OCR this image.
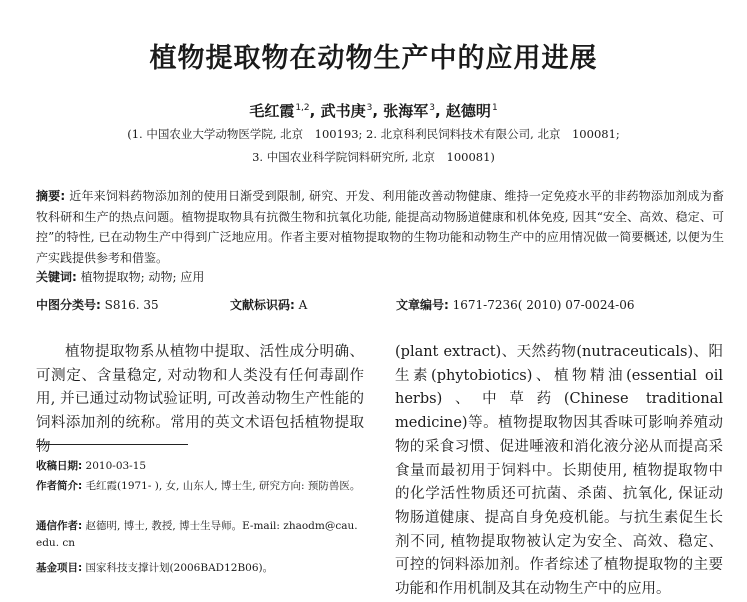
植物提取物在动物生产中的应用进展
毛红霞$^{1,2}$, 武书庚$^3$, 张海军$^3$, 赵德明$^1$
(1. 中国农业大学动物医学院, 北京　100193; 2. 北京科利民饲料技术有限公司, 北京　100081;
3. 中国农业科学院饲料研究所, 北京　100081)
摘要: 近年来饲料药物添加剂的使用日渐受到限制, 研究、开发、利用能改善动物健康、维持一定免疫水平的非药物添加剂成为畜牧科研和生产的热点问题。植物提取物具有抗微生物和抗氧化功能, 能提高动物肠道健康和机体免疫, 因其“安全、高效、稳定、可控”的特性, 已在动物生产中得到广泛地应用。作者主要对植物提取物的生物功能和动物生产中的应用情况做一简要概述, 以便为生产实践提供参考和借鉴。
关键词: 植物提取物; 动物; 应用
中图分类号: S816. 35	文献标识码: A	文章编号: 1671-7236( 2010) 07-0024-06
植物提取物系从植物中提取、活性成分明确、可测定、含量稳定, 对动物和人类没有任何毒副作用, 并已通过动物试验证明, 可改善动物生产性能的饲料添加剂的统称。常用的英文术语包括植物提取物
(plant extract)、天然药物(nutraceuticals)、阳生素(phytobiotics)、植物精油(essential oil herbs)、中草药(Chinese traditional medicine)等。植物提取物因其香味可影响养殖动物的采食习惯、促进唾液和消化液分泌从而提高采食量而最初用于饲料中。长期使用, 植物提取物中的化学活性物质还可抗菌、杀菌、抗氧化, 保证动物肠道健康、提高自身免疫机能。与抗生素促生长剂不同, 植物提取物被认定为安全、高效、稳定、可控的饲料添加剂。作者综述了植物提取物的主要功能和作用机制及其在动物生产中的应用。
收稿日期: 2010-03-15
作者简介: 毛红霞(1971- ), 女, 山东人, 博士生, 研究方向: 预防兽医。
通信作者: 赵德明, 博士, 教授, 博士生导师。E-mail: zhaodm@cau. edu. cn
基金项目: 国家科技支撑计划(2006BAD12B06)。
